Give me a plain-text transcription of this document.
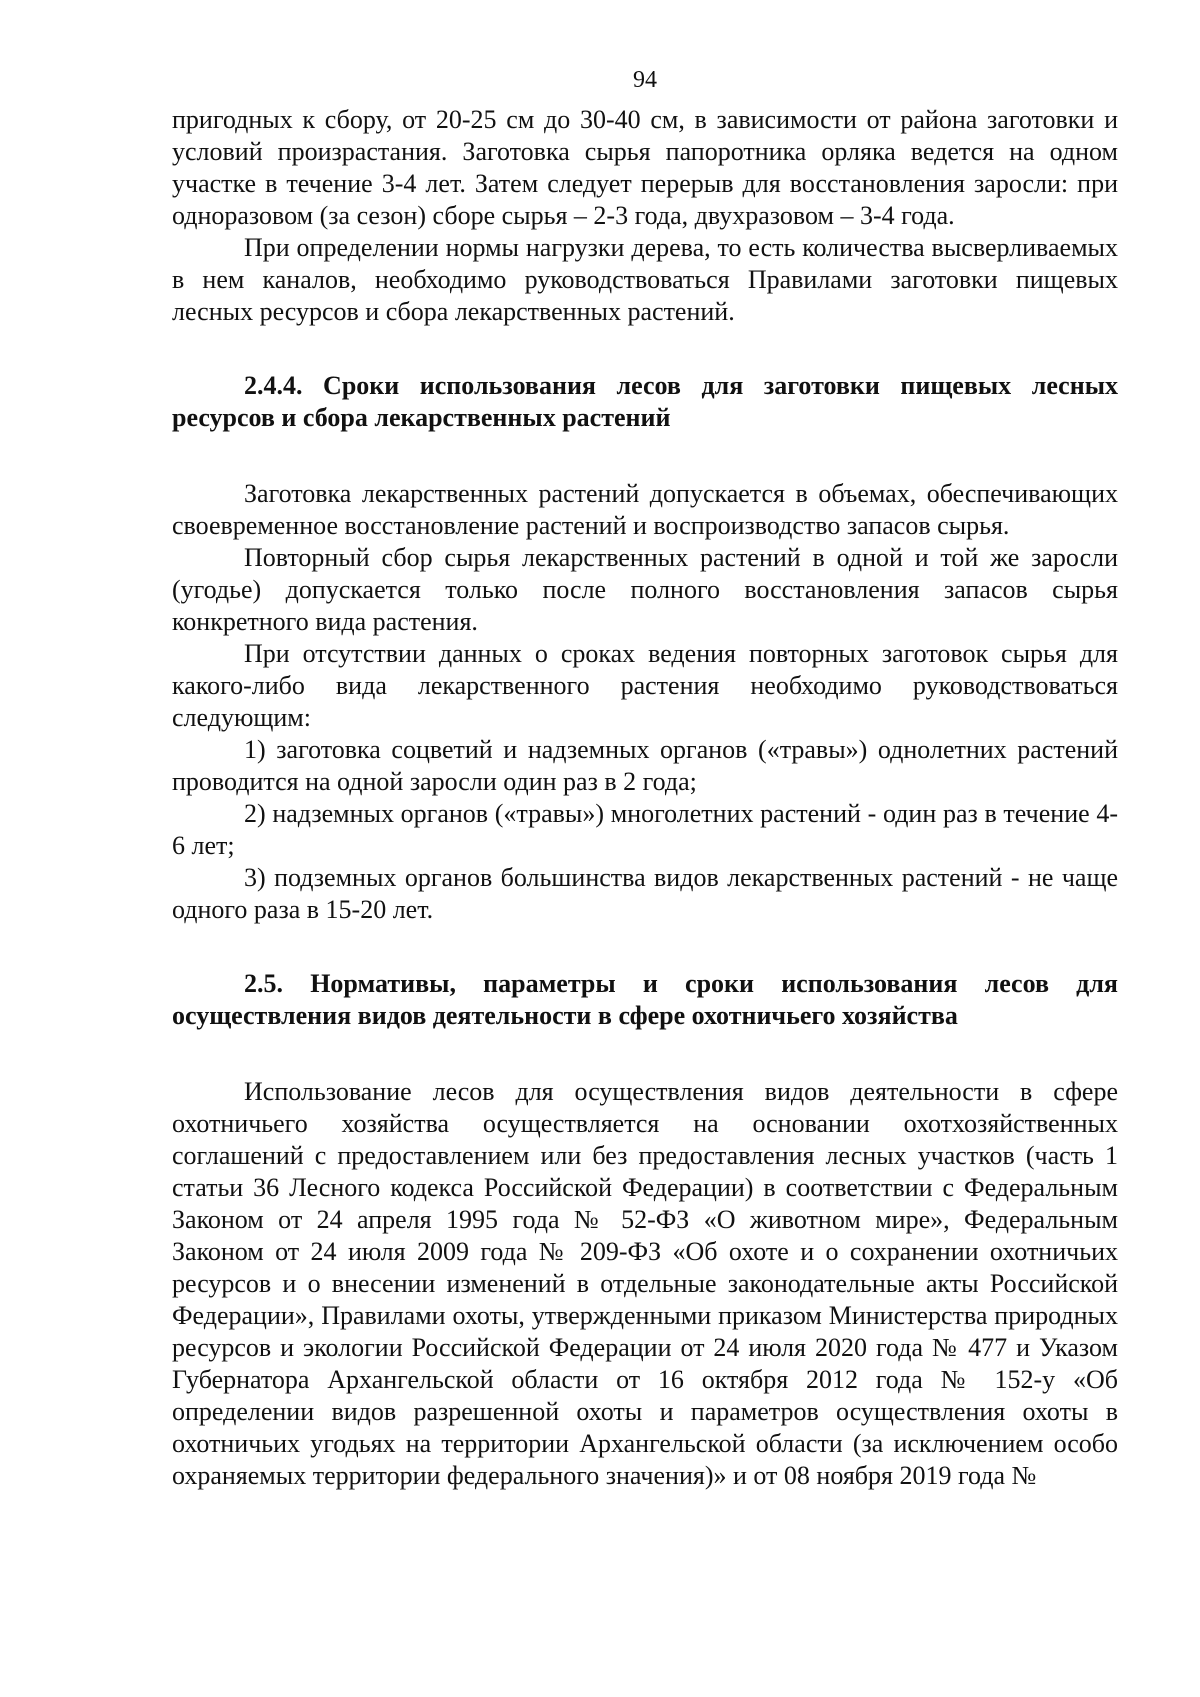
94

пригодных к сбору, от 20-25 см до 30-40 см, в зависимости от района заготовки и условий произрастания. Заготовка сырья папоротника орляка ведется на одном участке в течение 3-4 лет. Затем следует перерыв для восстановления заросли: при одноразовом (за сезон) сборе сырья – 2-3 года, двухразовом – 3-4 года.

При определении нормы нагрузки дерева, то есть количества высверливаемых в нем каналов, необходимо руководствоваться Правилами заготовки пищевых лесных ресурсов и сбора лекарственных растений.

2.4.4. Сроки использования лесов для заготовки пищевых лесных ресурсов и сбора лекарственных растений

Заготовка лекарственных растений допускается в объемах, обеспечивающих своевременное восстановление растений и воспроизводство запасов сырья.

Повторный сбор сырья лекарственных растений в одной и той же заросли (угодье) допускается только после полного восстановления запасов сырья конкретного вида растения.

При отсутствии данных о сроках ведения повторных заготовок сырья для какого-либо вида лекарственного растения необходимо руководствоваться следующим:

1) заготовка соцветий и надземных органов («травы») однолетних растений проводится на одной заросли один раз в 2 года;

2) надземных органов («травы») многолетних растений - один раз в течение 4-6 лет;

3) подземных органов большинства видов лекарственных растений - не чаще одного раза в 15-20 лет.

2.5. Нормативы, параметры и сроки использования лесов для осуществления видов деятельности в сфере охотничьего хозяйства

Использование лесов для осуществления видов деятельности в сфере охотничьего хозяйства осуществляется на основании охотхозяйственных соглашений с предоставлением или без предоставления лесных участков (часть 1 статьи 36 Лесного кодекса Российской Федерации) в соответствии с Федеральным Законом от 24 апреля 1995 года № 52-ФЗ «О животном мире», Федеральным Законом от 24 июля 2009 года № 209-ФЗ «Об охоте и о сохранении охотничьих ресурсов и о внесении изменений в отдельные законодательные акты Российской Федерации», Правилами охоты, утвержденными приказом Министерства природных ресурсов и экологии Российской Федерации от 24 июля 2020 года № 477 и Указом Губернатора Архангельской области от 16 октября 2012 года № 152-у «Об определении видов разрешенной охоты и параметров осуществления охоты в охотничьих угодьях на территории Архангельской области (за исключением особо охраняемых территории федерального значения)» и от 08 ноября 2019 года №
